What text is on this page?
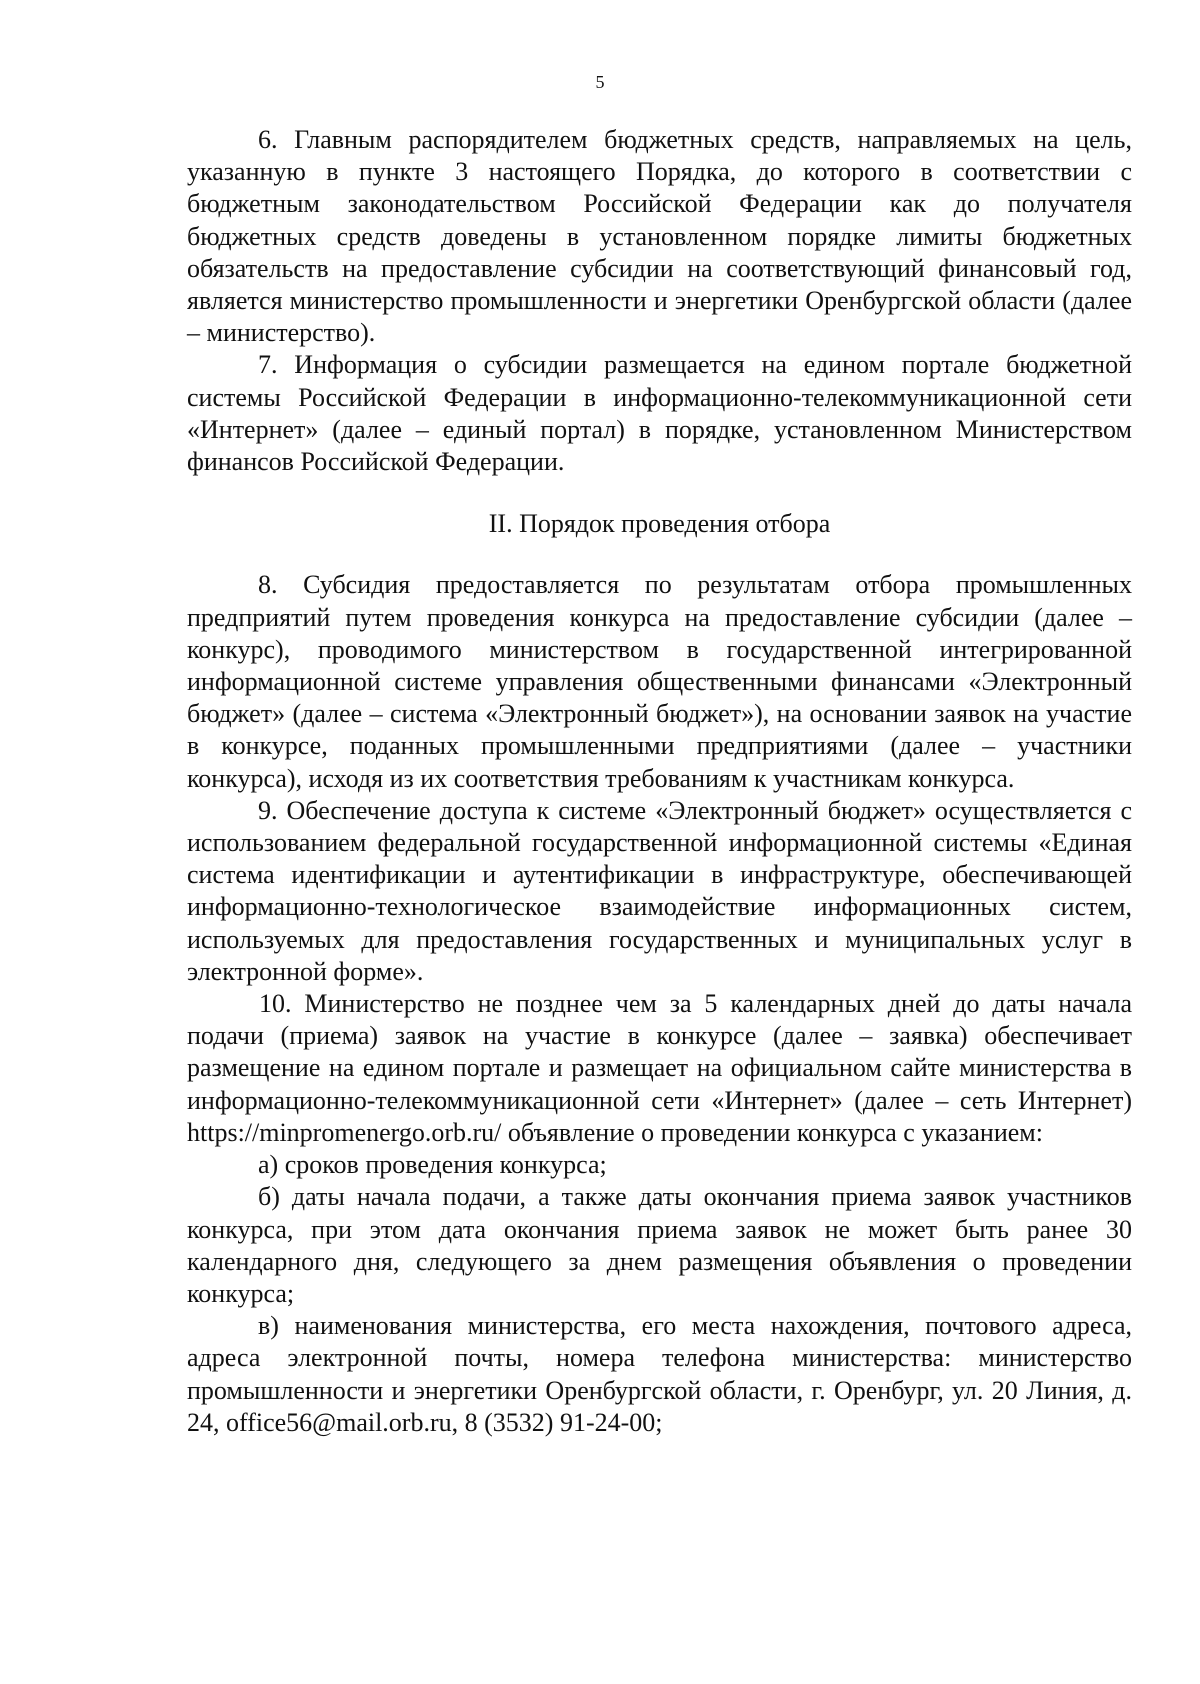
5

6. Главным распорядителем бюджетных средств, направляемых на цель, указанную в пункте 3 настоящего Порядка, до которого в соответствии с бюджетным законодательством Российской Федерации как до получателя бюджетных средств доведены в установленном порядке лимиты бюджетных обязательств на предоставление субсидии на соответствующий финансовый год, является министерство промышленности и энергетики Оренбургской области (далее – министерство).

7. Информация о субсидии размещается на едином портале бюджетной системы Российской Федерации в информационно-телекоммуникационной сети «Интернет» (далее – единый портал) в порядке, установленном Министерством финансов Российской Федерации.

II. Порядок проведения отбора

8. Субсидия предоставляется по результатам отбора промышленных предприятий путем проведения конкурса на предоставление субсидии (далее – конкурс), проводимого министерством в государственной интегрированной информационной системе управления общественными финансами «Электронный бюджет» (далее – система «Электронный бюджет»), на основании заявок на участие в конкурсе, поданных промышленными предприятиями (далее – участники конкурса), исходя из их соответствия требованиям к участникам конкурса.

9. Обеспечение доступа к системе «Электронный бюджет» осуществляется с использованием федеральной государственной информационной системы «Единая система идентификации и аутентификации в инфраструктуре, обеспечивающей информационно-технологическое взаимодействие информационных систем, используемых для предоставления государственных и муниципальных услуг в электронной форме».

10. Министерство не позднее чем за 5 календарных дней до даты начала подачи (приема) заявок на участие в конкурсе (далее – заявка) обеспечивает размещение на едином портале и размещает на официальном сайте министерства в информационно-телекоммуникационной сети «Интернет» (далее – сеть Интернет) https://minpromenergo.orb.ru/ объявление о проведении конкурса с указанием:

а) сроков проведения конкурса;

б) даты начала подачи, а также даты окончания приема заявок участников конкурса, при этом дата окончания приема заявок не может быть ранее 30 календарного дня, следующего за днем размещения объявления о проведении конкурса;

в) наименования министерства, его места нахождения, почтового адреса, адреса электронной почты, номера телефона министерства: министерство промышленности и энергетики Оренбургской области, г. Оренбург, ул. 20 Линия, д. 24, office56@mail.orb.ru, 8 (3532) 91-24-00;
